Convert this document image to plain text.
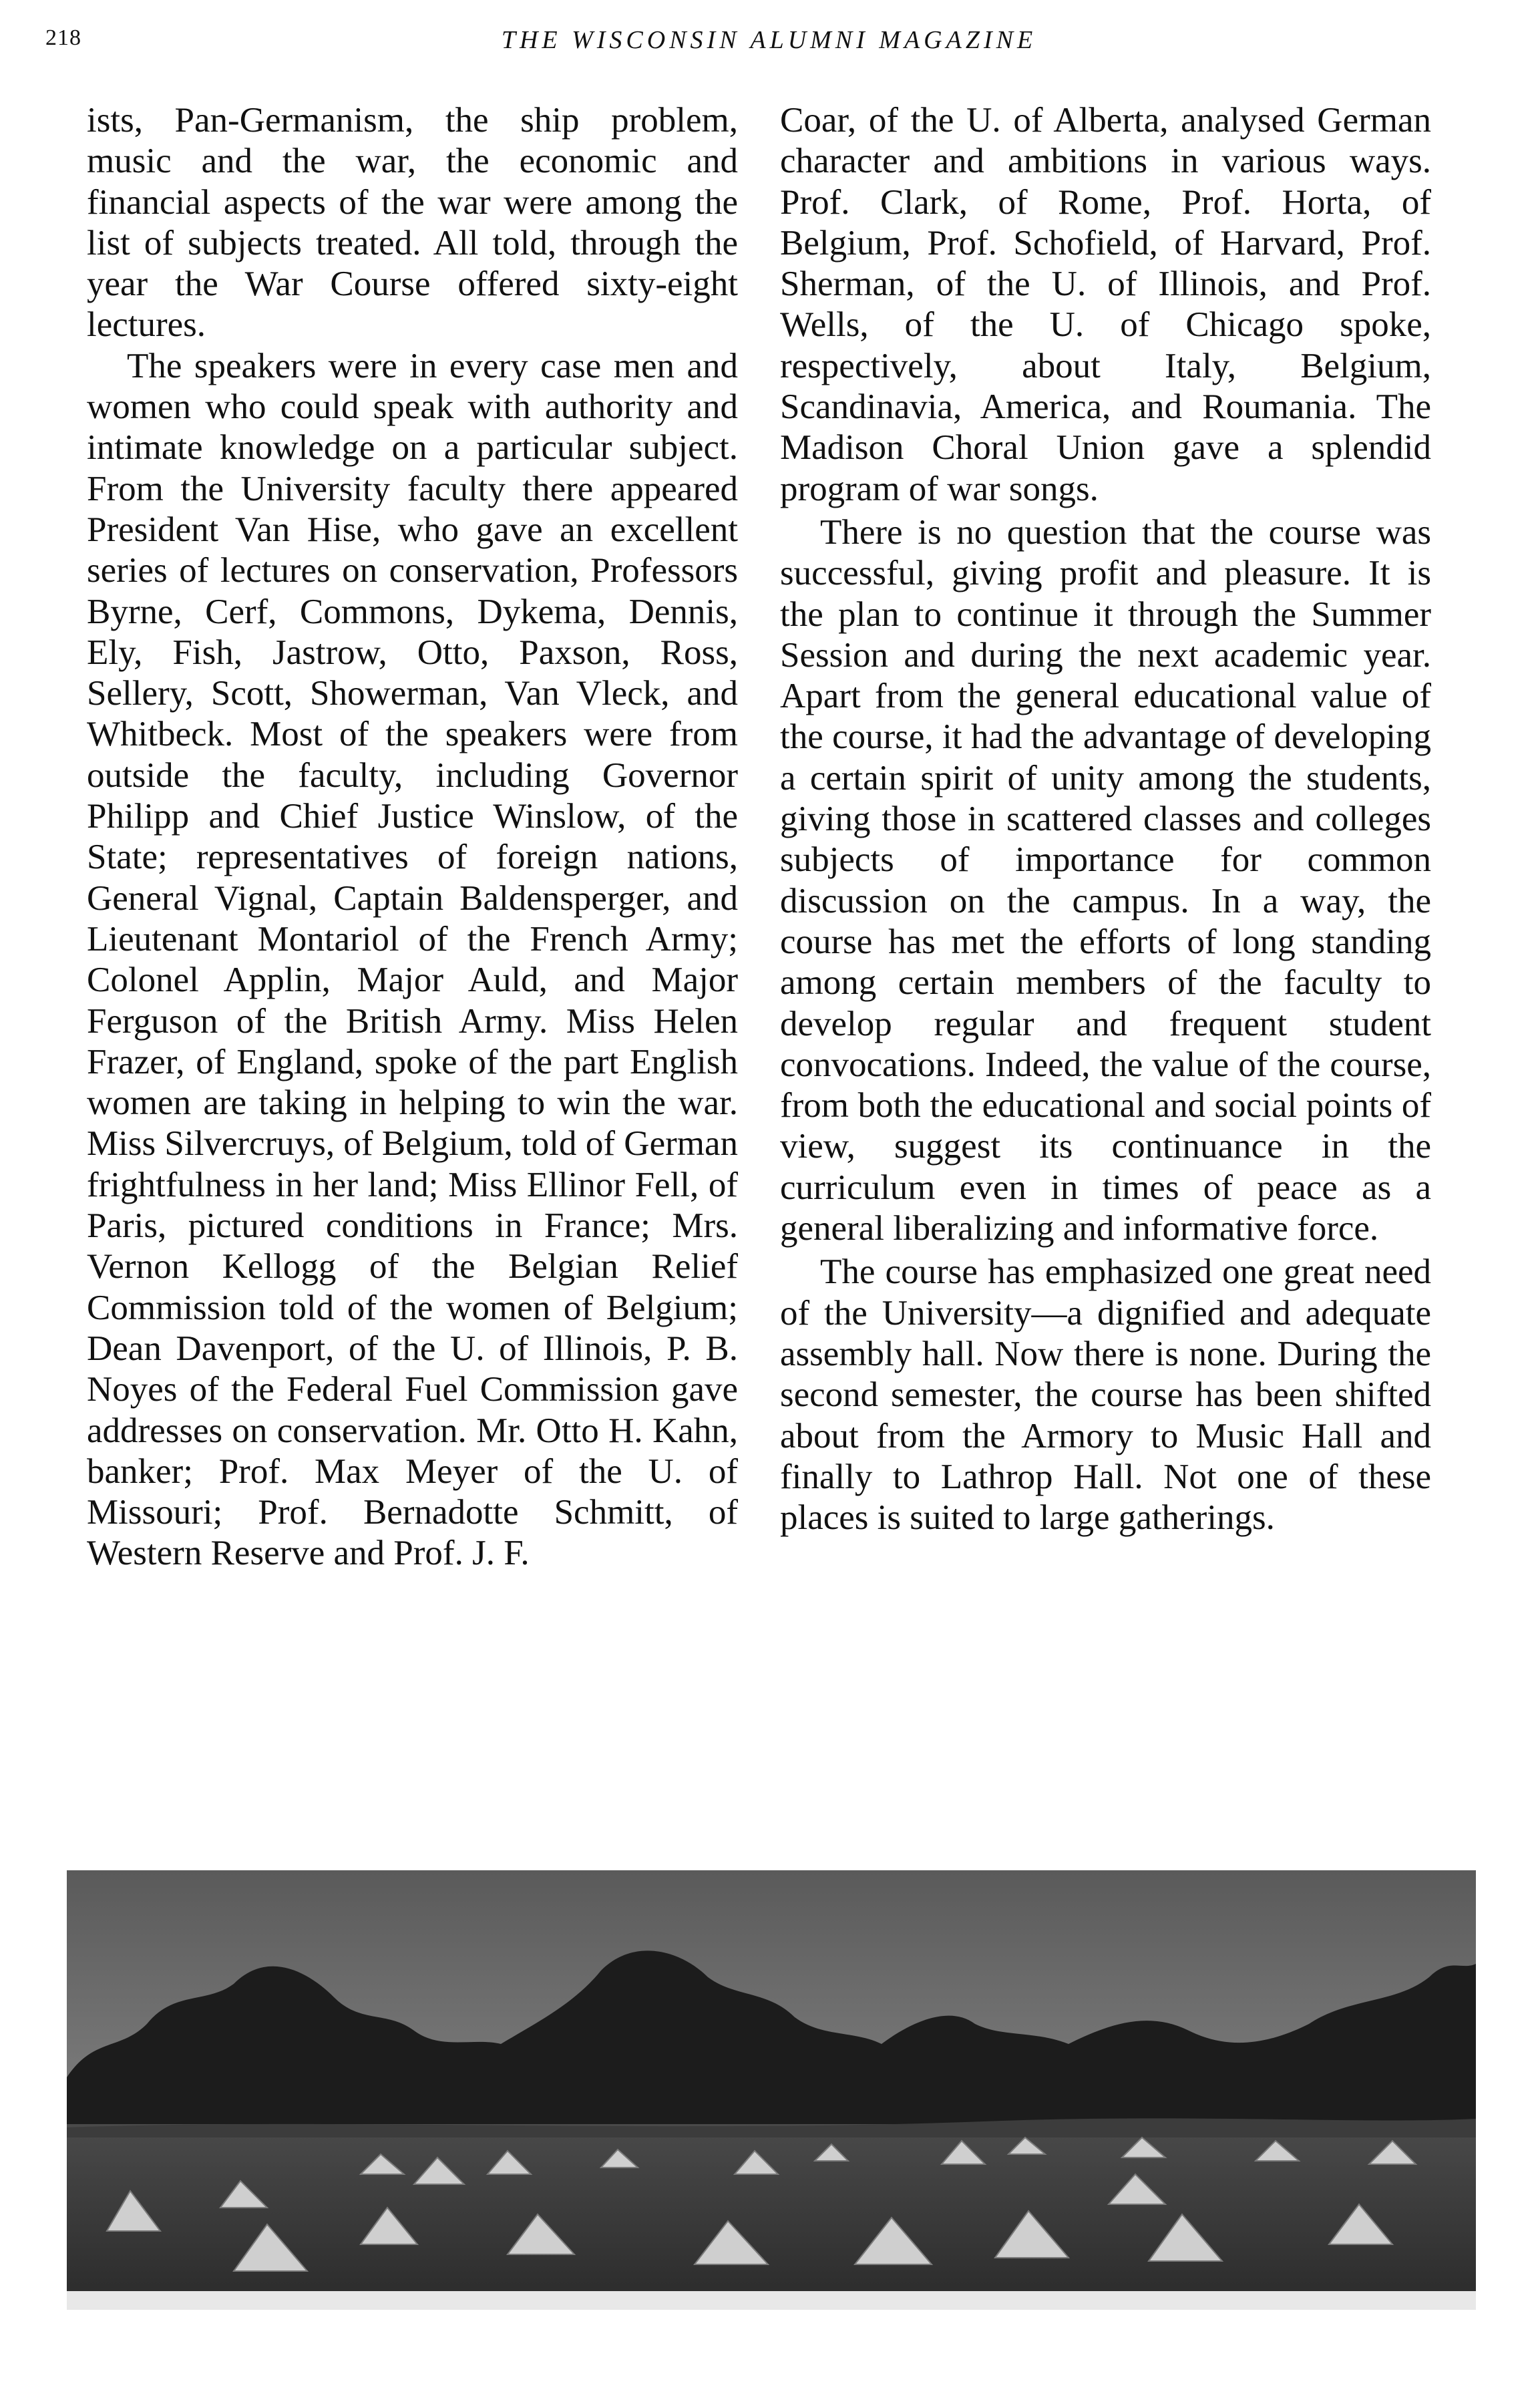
218	THE WISCONSIN ALUMNI MAGAZINE

ists, Pan-Germanism, the ship problem, music and the war, the economic and financial aspects of the war were among the list of subjects treated. All told, through the year the War Course offered sixty-eight lectures.

The speakers were in every case men and women who could speak with authority and intimate knowledge on a particular subject. From the University faculty there appeared President Van Hise, who gave an excellent series of lectures on conservation, Professors Byrne, Cerf, Commons, Dykema, Dennis, Ely, Fish, Jastrow, Otto, Paxson, Ross, Sellery, Scott, Showerman, Van Vleck, and Whitbeck. Most of the speakers were from outside the faculty, including Governor Philipp and Chief Justice Winslow, of the State; representatives of foreign nations, General Vignal, Captain Baldensperger, and Lieutenant Montariol of the French Army; Colonel Applin, Major Auld, and Major Ferguson of the British Army. Miss Helen Frazer, of England, spoke of the part English women are taking in helping to win the war. Miss Silvercruys, of Belgium, told of German frightfulness in her land; Miss Ellinor Fell, of Paris, pictured conditions in France; Mrs. Vernon Kellogg of the Belgian Relief Commission told of the women of Belgium; Dean Davenport, of the U. of Illinois, P. B. Noyes of the Federal Fuel Commission gave addresses on conservation. Mr. Otto H. Kahn, banker; Prof. Max Meyer of the U. of Missouri; Prof. Bernadotte Schmitt, of Western Reserve and Prof. J. F.

Coar, of the U. of Alberta, analysed German character and ambitions in various ways. Prof. Clark, of Rome, Prof. Horta, of Belgium, Prof. Schofield, of Harvard, Prof. Sherman, of the U. of Illinois, and Prof. Wells, of the U. of Chicago spoke, respectively, about Italy, Belgium, Scandinavia, America, and Roumania. The Madison Choral Union gave a splendid program of war songs.

There is no question that the course was successful, giving profit and pleasure. It is the plan to continue it through the Summer Session and during the next academic year. Apart from the general educational value of the course, it had the advantage of developing a certain spirit of unity among the students, giving those in scattered classes and colleges subjects of importance for common discussion on the campus. In a way, the course has met the efforts of long standing among certain members of the faculty to develop regular and frequent student convocations. Indeed, the value of the course, from both the educational and social points of view, suggest its continuance in the curriculum even in times of peace as a general liberalizing and informative force.

The course has emphasized one great need of the University—a dignified and adequate assembly hall. Now there is none. During the second semester, the course has been shifted about from the Armory to Music Hall and finally to Lathrop Hall. Not one of these places is suited to large gatherings.
